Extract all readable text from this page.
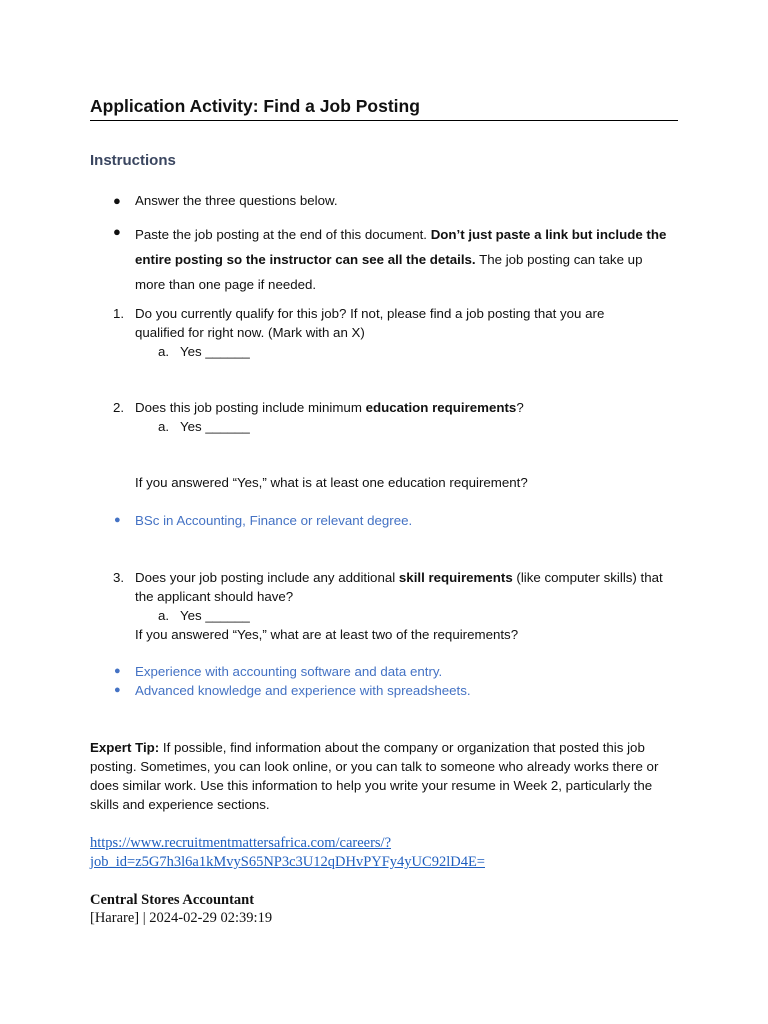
Application Activity: Find a Job Posting
Instructions
● Answer the three questions below.
● Paste the job posting at the end of this document. Don’t just paste a link but include the entire posting so the instructor can see all the details. The job posting can take up more than one page if needed.
1. Do you currently qualify for this job? If not, please find a job posting that you are qualified for right now. (Mark with an X)
a. Yes ______
2. Does this job posting include minimum education requirements?
a. Yes ______
If you answered “Yes,” what is at least one education requirement?
● BSc in Accounting, Finance or relevant degree.
3. Does your job posting include any additional skill requirements (like computer skills) that the applicant should have?
a. Yes ______
If you answered “Yes,” what are at least two of the requirements?
● Experience with accounting software and data entry.
● Advanced knowledge and experience with spreadsheets.
Expert Tip: If possible, find information about the company or organization that posted this job posting. Sometimes, you can look online, or you can talk to someone who already works there or does similar work. Use this information to help you write your resume in Week 2, particularly the skills and experience sections.
https://www.recruitmentmattersafrica.com/careers/?
job_id=z5G7h3l6a1kMvyS65NP3c3U12qDHvPYFy4yUC92lD4E=
Central Stores Accountant
[Harare] | 2024-02-29 02:39:19
